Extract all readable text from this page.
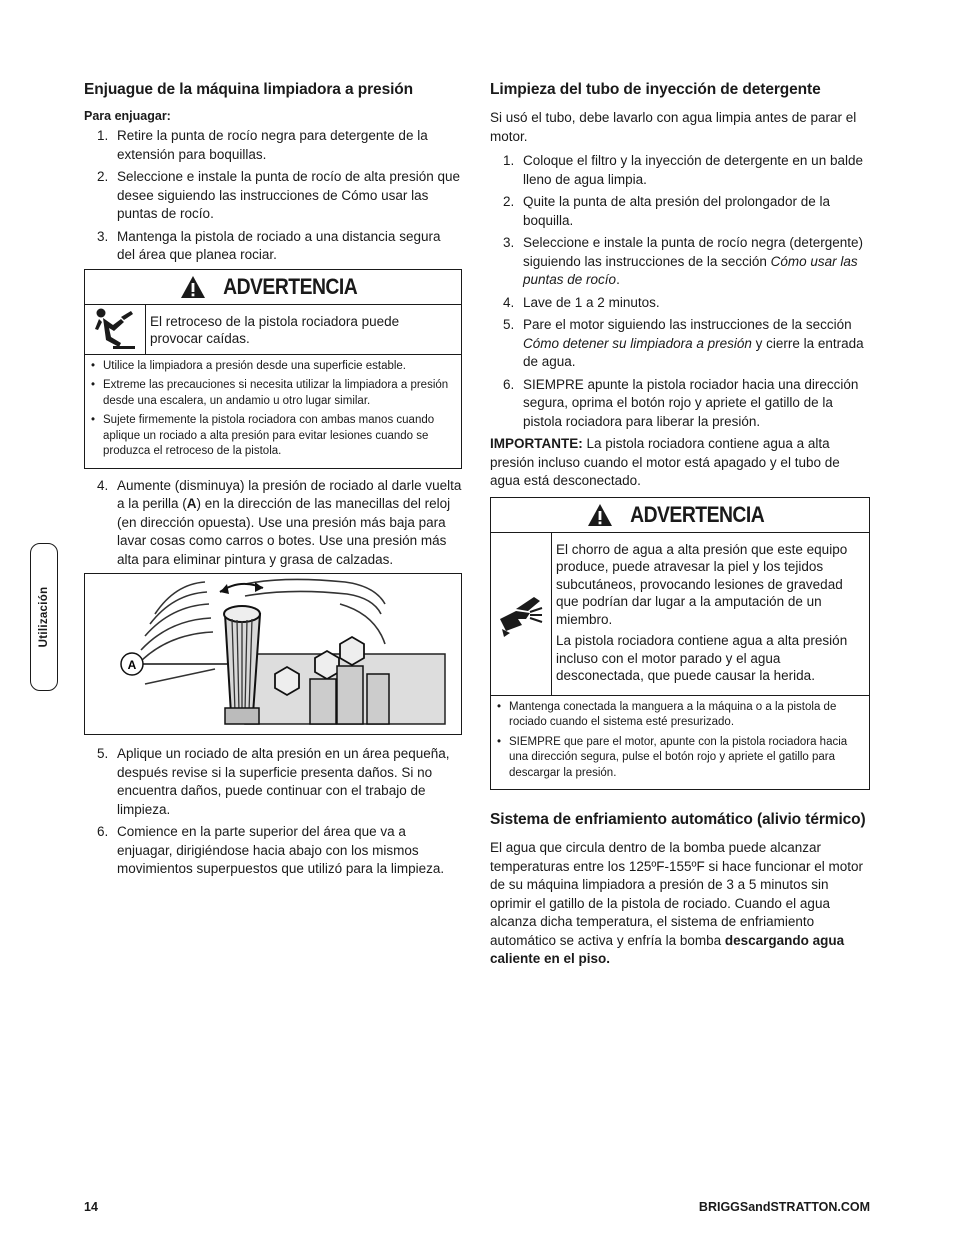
Utilización
Enjuague de la máquina limpiadora a presión
Para enjuagar:
1. Retire la punta de rocío negra para detergente de la extensión para boquillas.
2. Seleccione e instale la punta de rocío de alta presión que desee siguiendo las instrucciones de Cómo usar las puntas de rocío.
3. Mantenga la pistola de rociado a una distancia segura del área que planea rociar.
ADVERTENCIA
El retroceso de la pistola rociadora puede provocar caídas.
• Utilice la limpiadora a presión desde una superficie estable.
• Extreme las precauciones si necesita utilizar la limpiadora a presión desde una escalera, un andamio u otro lugar similar.
• Sujete firmemente la pistola rociadora con ambas manos cuando aplique un rociado a alta presión para evitar lesiones cuando se produzca el retroceso de la pistola.
4. Aumente (disminuya) la presión de rociado al darle vuelta a la perilla (A) en la dirección de las manecillas del reloj (en dirección opuesta). Use una presión más baja para lavar cosas como carros o botes. Use una presión más alta para eliminar pintura y grasa de calzadas.
A
5. Aplique un rociado de alta presión en un área pequeña, después revise si la superficie presenta daños. Si no encuentra daños, puede continuar con el trabajo de limpieza.
6. Comience en la parte superior del área que va a enjuagar, dirigiéndose hacia abajo con los mismos movimientos superpuestos que utilizó para la limpieza.
Limpieza del tubo de inyección de detergente

Si usó el tubo, debe lavarlo con agua limpia antes de parar el motor.

1. Coloque el filtro y la inyección de detergente en un balde lleno de agua limpia.
2. Quite la punta de alta presión del prolongador de la boquilla.
3. Seleccione e instale la punta de rocío negra (detergente) siguiendo las instrucciones de la sección Cómo usar las puntas de rocío.
4. Lave de 1 a 2 minutos.
5. Pare el motor siguiendo las instrucciones de la sección Cómo detener su limpiadora a presión y cierre la entrada de agua.
6. SIEMPRE apunte la pistola rociador hacia una dirección segura, oprima el botón rojo y apriete el gatillo de la pistola rociadora para liberar la presión.

IMPORTANTE: La pistola rociadora contiene agua a alta presión incluso cuando el motor está apagado y el tubo de agua está desconectado.

ADVERTENCIA

El chorro de agua a alta presión que este equipo produce, puede atravesar la piel y los tejidos subcutáneos, provocando lesiones de gravedad que podrían dar lugar a la amputación de un miembro.

La pistola rociadora contiene agua a alta presión incluso con el motor parado y el agua desconectada, que puede causar la herida.

• Mantenga conectada la manguera a la máquina o a la pistola de rociado cuando el sistema esté presurizado.
• SIEMPRE que pare el motor, apunte con la pistola rociadora hacia una dirección segura, pulse el botón rojo y apriete el gatillo para descargar la presión.
Sistema de enfriamiento automático (alivio térmico)

El agua que circula dentro de la bomba puede alcanzar temperaturas entre los 125ºF-155ºF si hace funcionar el motor de su máquina limpiadora a presión de 3 a 5 minutos sin oprimir el gatillo de la pistola de rociado. Cuando el agua alcanza dicha temperatura, el sistema de enfriamiento automático se activa y enfría la bomba descargando agua caliente en el piso.

14	BRIGGSandSTRATTON.COM
